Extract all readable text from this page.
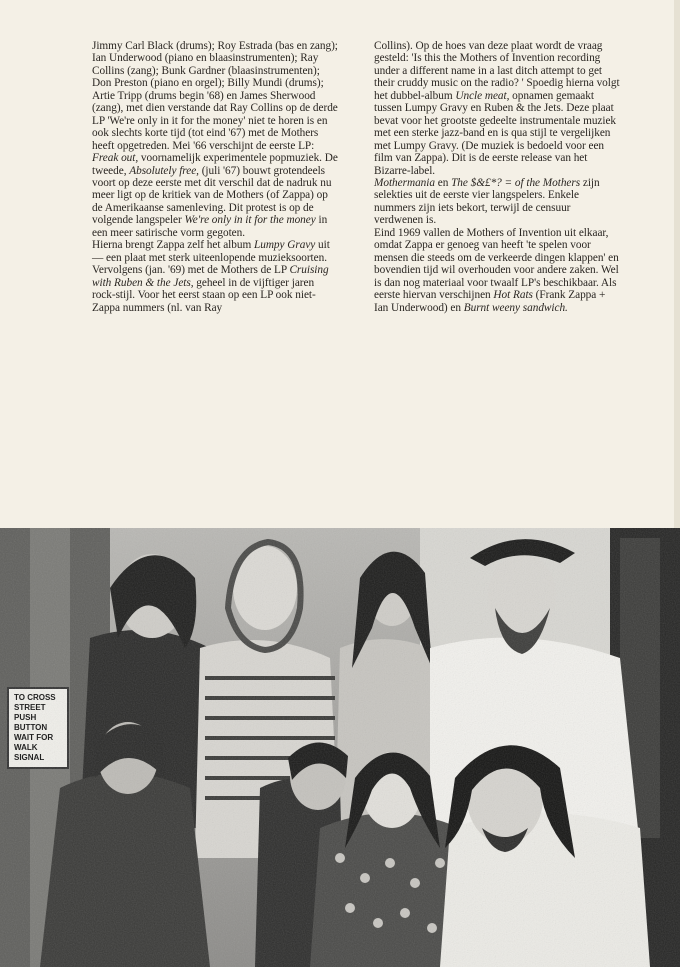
Jimmy Carl Black (drums); Roy Estrada (bas en zang); Ian Underwood (piano en blaasinstrumenten); Ray Collins (zang); Bunk Gardner (blaasinstrumenten); Don Preston (piano en orgel); Billy Mundi (drums); Artie Tripp (drums begin '68) en James Sherwood (zang), met dien verstande dat Ray Collins op de derde LP 'We're only in it for the money' niet te horen is en ook slechts korte tijd (tot eind '67) met de Mothers heeft opgetreden. Mei '66 verschijnt de eerste LP: Freak out, voornamelijk experimentele popmuziek. De tweede, Absolutely free, (juli '67) bouwt grotendeels voort op deze eerste met dit verschil dat de nadruk nu meer ligt op de kritiek van de Mothers (of Zappa) op de Amerikaanse samenleving. Dit protest is op de volgende langspeler We're only in it for the money in een meer satirische vorm gegoten.

Hierna brengt Zappa zelf het album Lumpy Gravy uit — een plaat met sterk uiteenlopende muzieksoorten. Vervolgens (jan. '69) met de Mothers de LP Cruising with Ruben & the Jets, geheel in de vijftiger jaren rock-stijl. Voor het eerst staan op een LP ook niet-Zappa nummers (nl. van Ray

Collins). Op de hoes van deze plaat wordt de vraag gesteld: 'Is this the Mothers of Invention recording under a different name in a last ditch attempt to get their cruddy music on the radio? ' Spoedig hierna volgt het dubbel-album Uncle meat, opnamen gemaakt tussen Lumpy Gravy en Ruben & the Jets. Deze plaat bevat voor het grootste gedeelte instrumentale muziek met een sterke jazz-band en is qua stijl te vergelijken met Lumpy Gravy. (De muziek is bedoeld voor een film van Zappa). Dit is de eerste release van het Bizarre-label.

Mothermania en The $&£*? = of the Mothers zijn selekties uit de eerste vier langspelers. Enkele nummers zijn iets bekort, terwijl de censuur verdwenen is.

Eind 1969 vallen de Mothers of Invention uit elkaar, omdat Zappa er genoeg van heeft 'te spelen voor mensen die steeds om de verkeerde dingen klappen' en bovendien tijd wil overhouden voor andere zaken. Wel is dan nog materiaal voor twaalf LP's beschikbaar. Als eerste hiervan verschijnen Hot Rats (Frank Zappa + Ian Underwood) en Burnt weeny sandwich.
